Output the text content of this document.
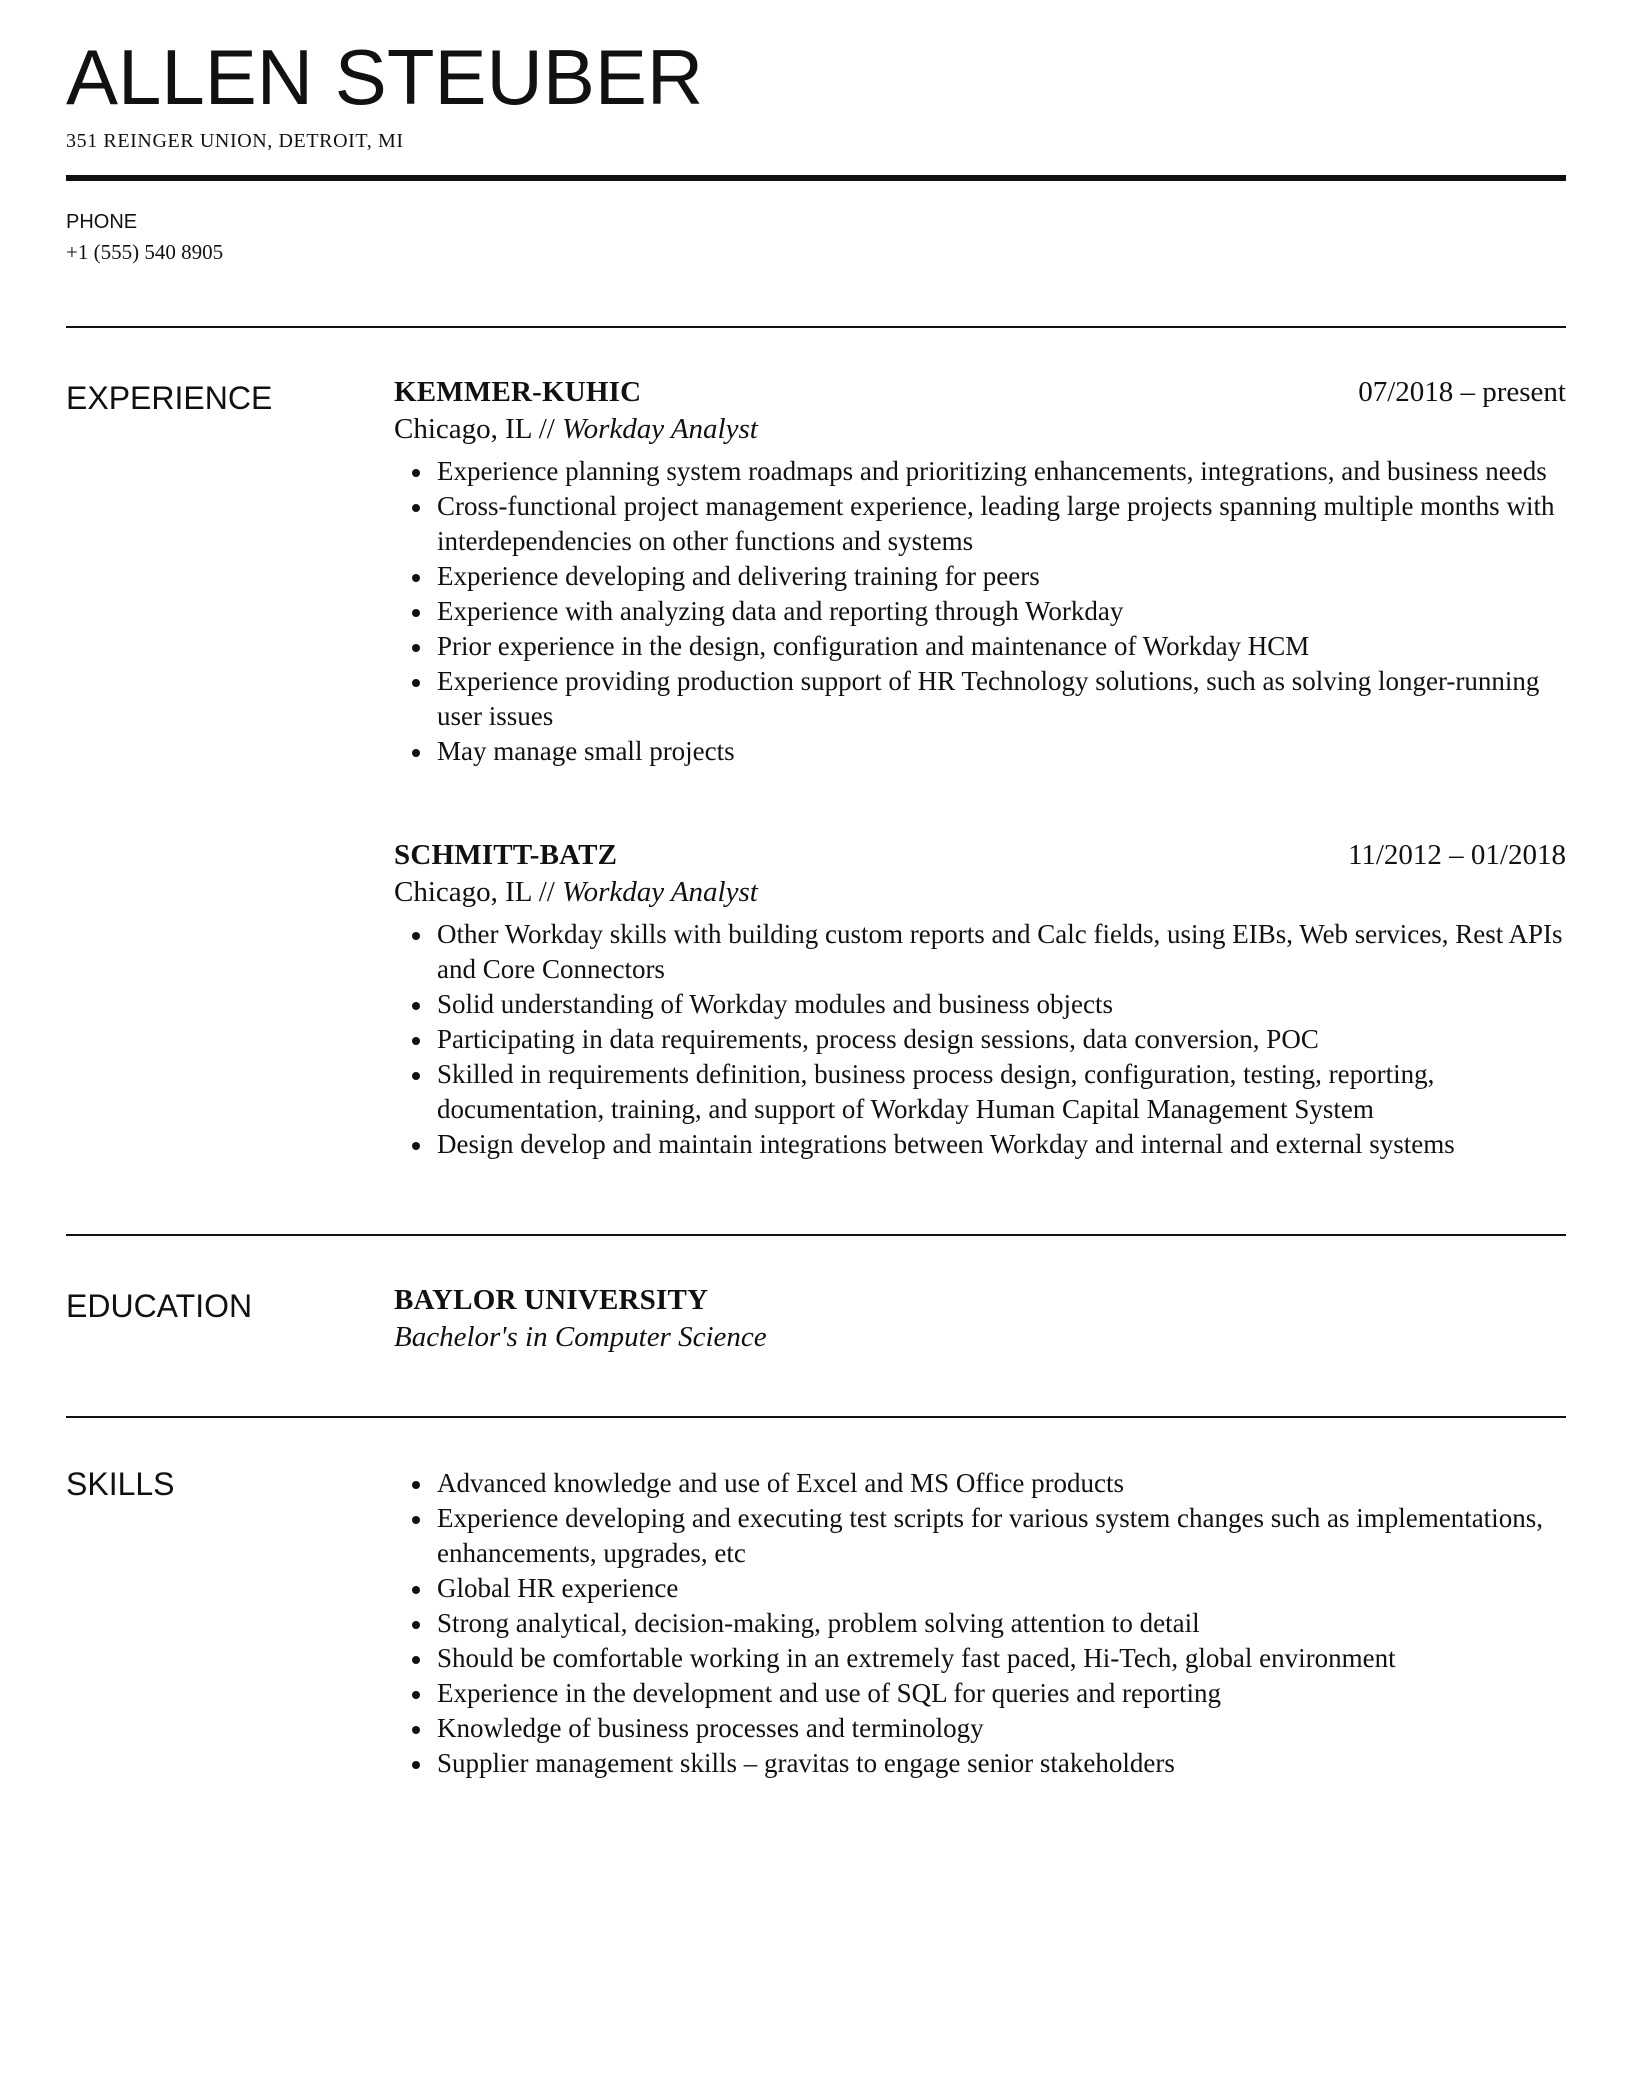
ALLEN STEUBER
351 REINGER UNION, DETROIT, MI
PHONE
+1 (555) 540 8905
EXPERIENCE	KEMMER-KUHIC	07/2018 – present
Chicago, IL // Workday Analyst
Experience planning system roadmaps and prioritizing enhancements, integrations, and business needs
Cross-functional project management experience, leading large projects spanning multiple months with interdependencies on other functions and systems
Experience developing and delivering training for peers
Experience with analyzing data and reporting through Workday
Prior experience in the design, configuration and maintenance of Workday HCM
Experience providing production support of HR Technology solutions, such as solving longer-running user issues
May manage small projects
SCHMITT-BATZ	11/2012 – 01/2018
Chicago, IL // Workday Analyst
Other Workday skills with building custom reports and Calc fields, using EIBs, Web services, Rest APIs and Core Connectors
Solid understanding of Workday modules and business objects
Participating in data requirements, process design sessions, data conversion, POC
Skilled in requirements definition, business process design, configuration, testing, reporting, documentation, training, and support of Workday Human Capital Management System
Design develop and maintain integrations between Workday and internal and external systems
EDUCATION	BAYLOR UNIVERSITY
Bachelor's in Computer Science
SKILLS	Advanced knowledge and use of Excel and MS Office products
Experience developing and executing test scripts for various system changes such as implementations, enhancements, upgrades, etc
Global HR experience
Strong analytical, decision-making, problem solving attention to detail
Should be comfortable working in an extremely fast paced, Hi-Tech, global environment
Experience in the development and use of SQL for queries and reporting
Knowledge of business processes and terminology
Supplier management skills – gravitas to engage senior stakeholders
